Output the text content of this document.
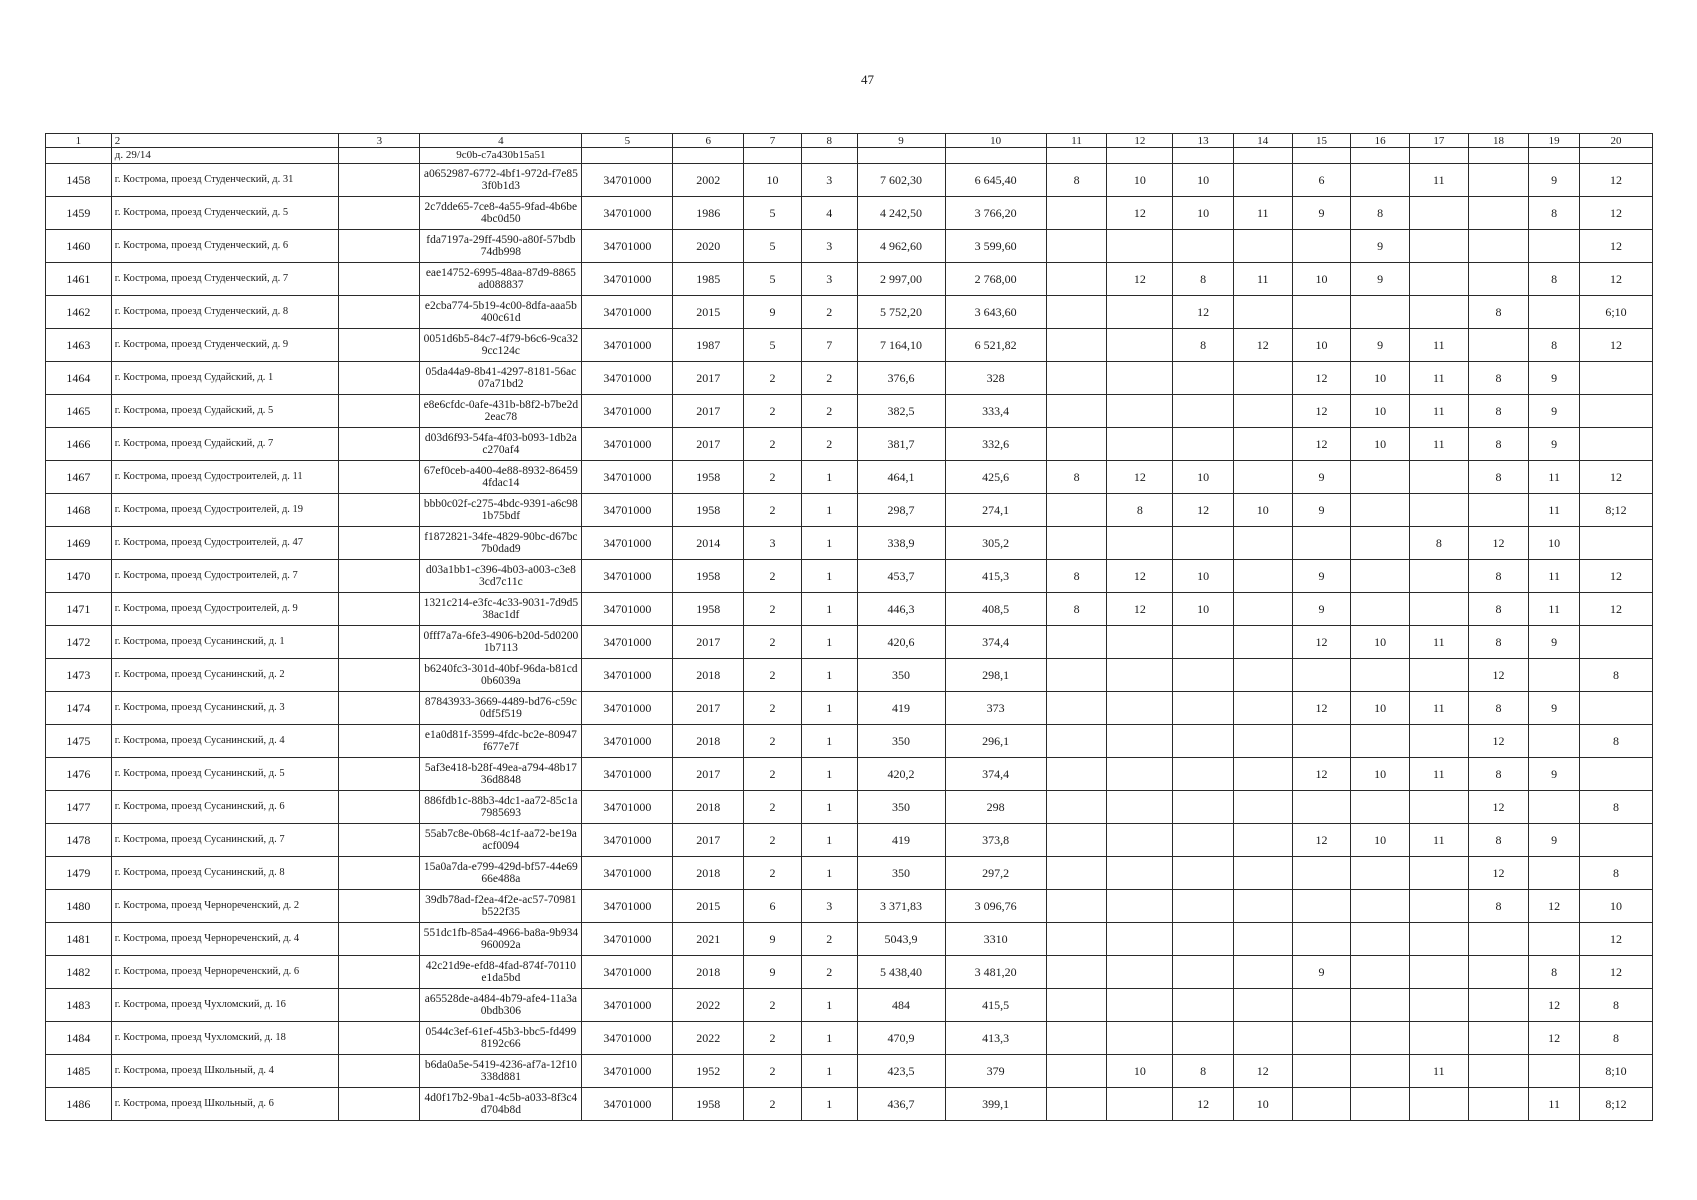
47
1	2	3	4	5	6	7	8	9	10	11	12	13	14	15	16	17	18	19	20
	д. 29/14		9c0b-c7a430b15a51																
1458	г. Кострома, проезд Студенческий, д. 31		a0652987-6772-4bf1-972d-f7e853f0b1d3	34701000	2002	10	3	7 602,30	6 645,40	8	10	10		6		11		9	12
1459	г. Кострома, проезд Студенческий, д. 5		2c7dde65-7ce8-4a55-9fad-4b6be4bc0d50	34701000	1986	5	4	4 242,50	3 766,20		12	10	11	9	8			8	12
1460	г. Кострома, проезд Студенческий, д. 6		fda7197a-29ff-4590-a80f-57bdb74db998	34701000	2020	5	3	4 962,60	3 599,60						9				12
1461	г. Кострома, проезд Студенческий, д. 7		eae14752-6995-48aa-87d9-8865ad088837	34701000	1985	5	3	2 997,00	2 768,00		12	8	11	10	9			8	12
1462	г. Кострома, проезд Студенческий, д. 8		e2cba774-5b19-4c00-8dfa-aaa5b400c61d	34701000	2015	9	2	5 752,20	3 643,60			12					8		6;10
1463	г. Кострома, проезд Студенческий, д. 9		0051d6b5-84c7-4f79-b6c6-9ca329cc124c	34701000	1987	5	7	7 164,10	6 521,82			8	12	10	9	11		8	12
1464	г. Кострома, проезд Судайский, д. 1		05da44a9-8b41-4297-8181-56ac07a71bd2	34701000	2017	2	2	376,6	328					12	10	11	8	9	
1465	г. Кострома, проезд Судайский, д. 5		e8e6cfdc-0afe-431b-b8f2-b7be2d2eac78	34701000	2017	2	2	382,5	333,4					12	10	11	8	9	
1466	г. Кострома, проезд Судайский, д. 7		d03d6f93-54fa-4f03-b093-1db2ac270af4	34701000	2017	2	2	381,7	332,6					12	10	11	8	9	
1467	г. Кострома, проезд Судостроителей, д. 11		67ef0ceb-a400-4e88-8932-864594fdac14	34701000	1958	2	1	464,1	425,6	8	12	10		9			8	11	12
1468	г. Кострома, проезд Судостроителей, д. 19		bbb0c02f-c275-4bdc-9391-a6c981b75bdf	34701000	1958	2	1	298,7	274,1		8	12	10	9				11	8;12
1469	г. Кострома, проезд Судостроителей, д. 47		f1872821-34fe-4829-90bc-d67bc7b0dad9	34701000	2014	3	1	338,9	305,2							8	12	10	
1470	г. Кострома, проезд Судостроителей, д. 7		d03a1bb1-c396-4b03-a003-c3e83cd7c11c	34701000	1958	2	1	453,7	415,3	8	12	10		9			8	11	12
1471	г. Кострома, проезд Судостроителей, д. 9		1321c214-e3fc-4c33-9031-7d9d538ac1df	34701000	1958	2	1	446,3	408,5	8	12	10		9			8	11	12
1472	г. Кострома, проезд Сусанинский, д. 1		0fff7a7a-6fe3-4906-b20d-5d02001b7113	34701000	2017	2	1	420,6	374,4					12	10	11	8	9	
1473	г. Кострома, проезд Сусанинский, д. 2		b6240fc3-301d-40bf-96da-b81cd0b6039a	34701000	2018	2	1	350	298,1								12		8
1474	г. Кострома, проезд Сусанинский, д. 3		87843933-3669-4489-bd76-c59c0df5f519	34701000	2017	2	1	419	373					12	10	11	8	9	
1475	г. Кострома, проезд Сусанинский, д. 4		e1a0d81f-3599-4fdc-bc2e-80947f677e7f	34701000	2018	2	1	350	296,1								12		8
1476	г. Кострома, проезд Сусанинский, д. 5		5af3e418-b28f-49ea-a794-48b1736d8848	34701000	2017	2	1	420,2	374,4					12	10	11	8	9	
1477	г. Кострома, проезд Сусанинский, д. 6		886fdb1c-88b3-4dc1-aa72-85c1a7985693	34701000	2018	2	1	350	298								12		8
1478	г. Кострома, проезд Сусанинский, д. 7		55ab7c8e-0b68-4c1f-aa72-be19aacf0094	34701000	2017	2	1	419	373,8					12	10	11	8	9	
1479	г. Кострома, проезд Сусанинский, д. 8		15a0a7da-e799-429d-bf57-44e6966e488a	34701000	2018	2	1	350	297,2								12		8
1480	г. Кострома, проезд Чернореченский, д. 2		39db78ad-f2ea-4f2e-ac57-70981b522f35	34701000	2015	6	3	3 371,83	3 096,76								8	12	10
1481	г. Кострома, проезд Чернореченский, д. 4		551dc1fb-85a4-4966-ba8a-9b934960092a	34701000	2021	9	2	5043,9	3310										12
1482	г. Кострома, проезд Чернореченский, д. 6		42c21d9e-efd8-4fad-874f-70110e1da5bd	34701000	2018	9	2	5 438,40	3 481,20					9				8	12
1483	г. Кострома, проезд Чухломский, д. 16		a65528de-a484-4b79-afe4-11a3a0bdb306	34701000	2022	2	1	484	415,5									12	8
1484	г. Кострома, проезд Чухломский, д. 18		0544c3ef-61ef-45b3-bbc5-fd4998192c66	34701000	2022	2	1	470,9	413,3									12	8
1485	г. Кострома, проезд Школьный, д. 4		b6da0a5e-5419-4236-af7a-12f10338d881	34701000	1952	2	1	423,5	379		10	8	12			11			8;10
1486	г. Кострома, проезд Школьный, д. 6		4d0f17b2-9ba1-4c5b-a033-8f3c4d704b8d	34701000	1958	2	1	436,7	399,1			12	10					11	8;12
